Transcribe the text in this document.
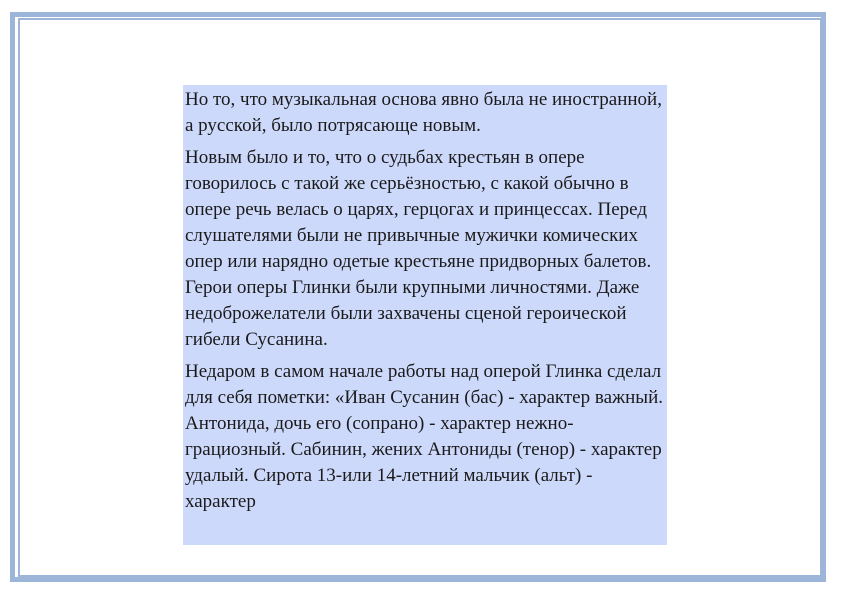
Но то, что музыкальная основа явно была не иностранной, а русской, было потрясающе новым.

Новым было и то, что о судьбах крестьян в опере говорилось с такой же серьёзностью, с какой обычно в опере речь велась о царях, герцогах и принцессах. Перед слушателями были не привычные мужички комических опер или нарядно одетые крестьяне придворных балетов. Герои оперы Глинки были крупными личностями. Даже недоброжелатели были захвачены сценой героической гибели Сусанина.

Недаром в самом начале работы над оперой Глинка сделал для себя пометки: «Иван Сусанин (бас) - характер важный. Антонида, дочь его (сопрано) - характер нежно-грациозный. Сабинин, жених Антониды (тенор) - характер удалый. Сирота 13-или 14-летний мальчик (альт) - характер
